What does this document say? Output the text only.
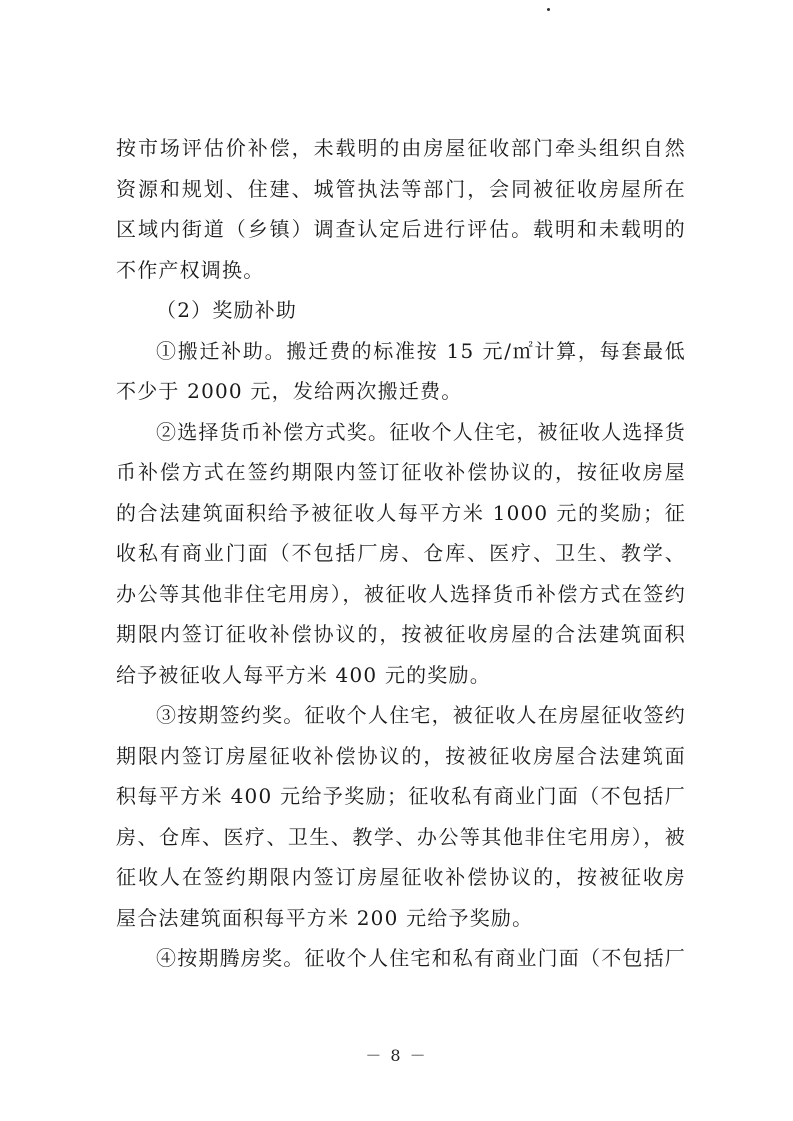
按市场评估价补偿，未载明的由房屋征收部门牵头组织自然资源和规划、住建、城管执法等部门，会同被征收房屋所在区域内街道（乡镇）调查认定后进行评估。载明和未载明的不作产权调换。

（2）奖励补助

①搬迁补助。搬迁费的标准按 15 元/㎡计算，每套最低不少于 2000 元，发给两次搬迁费。

②选择货币补偿方式奖。征收个人住宅，被征收人选择货币补偿方式在签约期限内签订征收补偿协议的，按征收房屋的合法建筑面积给予被征收人每平方米 1000 元的奖励；征收私有商业门面（不包括厂房、仓库、医疗、卫生、教学、办公等其他非住宅用房），被征收人选择货币补偿方式在签约期限内签订征收补偿协议的，按被征收房屋的合法建筑面积给予被征收人每平方米 400 元的奖励。

③按期签约奖。征收个人住宅，被征收人在房屋征收签约期限内签订房屋征收补偿协议的，按被征收房屋合法建筑面积每平方米 400 元给予奖励；征收私有商业门面（不包括厂房、仓库、医疗、卫生、教学、办公等其他非住宅用房），被征收人在签约期限内签订房屋征收补偿协议的，按被征收房屋合法建筑面积每平方米 200 元给予奖励。

④按期腾房奖。征收个人住宅和私有商业门面（不包括厂

－ 8 －
